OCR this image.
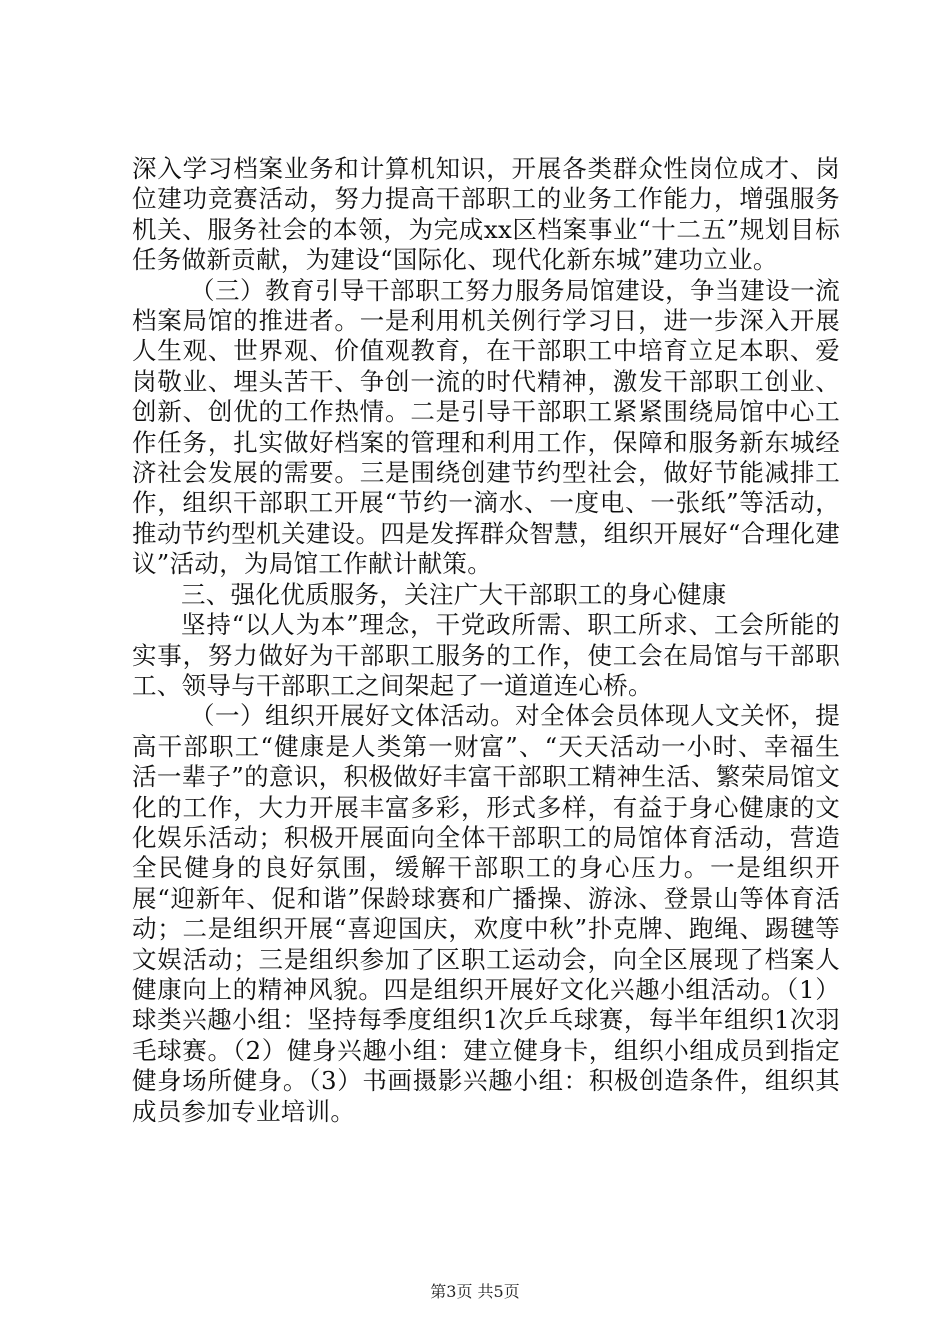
深入学习档案业务和计算机知识，开展各类群众性岗位成才、岗位建功竞赛活动，努力提高干部职工的业务工作能力，增强服务机关、服务社会的本领，为完成xx区档案事业“十二五”规划目标任务做新贡献，为建设“国际化、现代化新东城”建功立业。

（三）教育引导干部职工努力服务局馆建设，争当建设一流档案局馆的推进者。一是利用机关例行学习日，进一步深入开展人生观、世界观、价值观教育，在干部职工中培育立足本职、爱岗敬业、埋头苦干、争创一流的时代精神，激发干部职工创业、创新、创优的工作热情。二是引导干部职工紧紧围绕局馆中心工作任务，扎实做好档案的管理和利用工作，保障和服务新东城经济社会发展的需要。三是围绕创建节约型社会，做好节能减排工作，组织干部职工开展“节约一滴水、一度电、一张纸”等活动，推动节约型机关建设。四是发挥群众智慧，组织开展好“合理化建议”活动，为局馆工作献计献策。

三、强化优质服务，关注广大干部职工的身心健康

坚持“以人为本”理念，干党政所需、职工所求、工会所能的实事，努力做好为干部职工服务的工作，使工会在局馆与干部职工、领导与干部职工之间架起了一道道连心桥。

（一）组织开展好文体活动。对全体会员体现人文关怀，提高干部职工“健康是人类第一财富”、“天天活动一小时、幸福生活一辈子”的意识，积极做好丰富干部职工精神生活、繁荣局馆文化的工作，大力开展丰富多彩，形式多样，有益于身心健康的文化娱乐活动；积极开展面向全体干部职工的局馆体育活动，营造全民健身的良好氛围，缓解干部职工的身心压力。一是组织开展“迎新年、促和谐”保龄球赛和广播操、游泳、登景山等体育活动；二是组织开展“喜迎国庆，欢度中秋”扑克牌、跑绳、踢毽等文娱活动；三是组织参加了区职工运动会，向全区展现了档案人健康向上的精神风貌。四是组织开展好文化兴趣小组活动。（1）球类兴趣小组：坚持每季度组织1次乒乓球赛，每半年组织1次羽毛球赛。（2）健身兴趣小组：建立健身卡，组织小组成员到指定健身场所健身。（3）书画摄影兴趣小组：积极创造条件，组织其成员参加专业培训。

第3页 共5页
